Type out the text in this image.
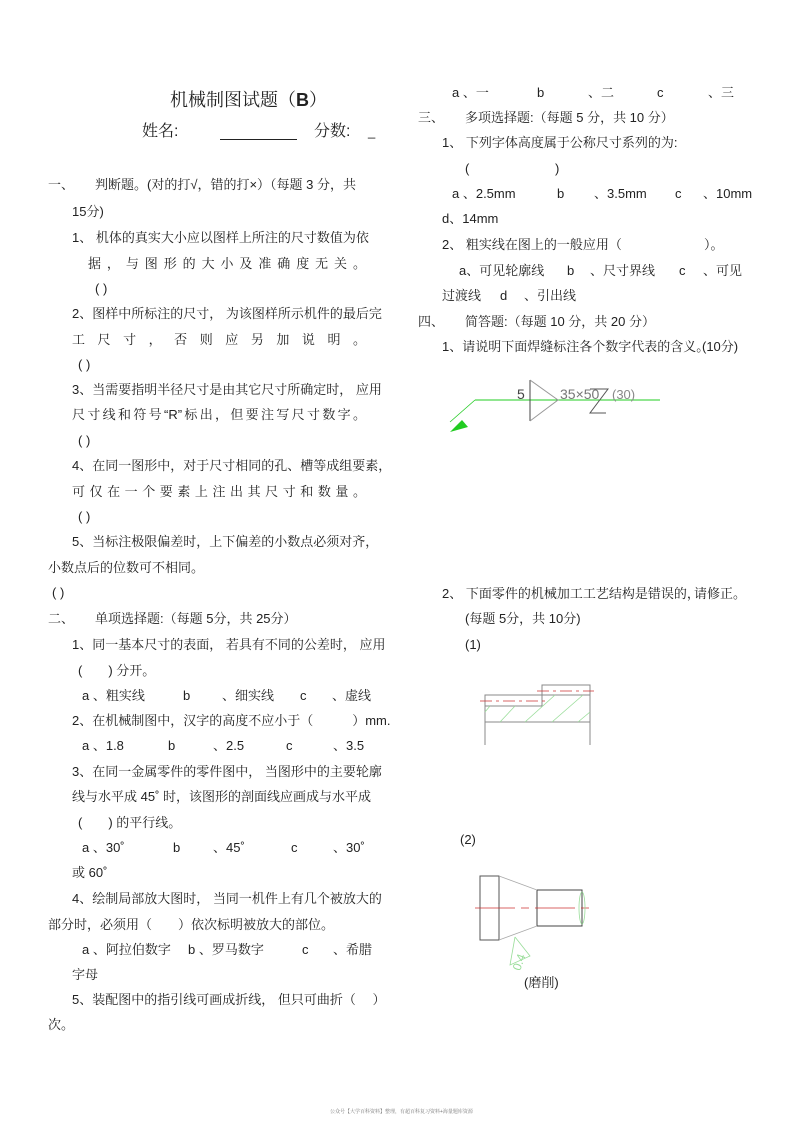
机械制图试题（B）
姓名:	分数: _
一、 判断题。(对的打√，错的打×）（每题 3 分，共
15分)
1、 机体的真实大小应以图样上所注的尺寸数值为依
据 ， 与 图 形 的 大 小 及 准 确 度 无 关 。
( )
2、图样中所标注的尺寸， 为该图样所示机件的最后完
工 尺 寸 ， 否 则 应 另 加 说 明 。
( )
3、当需要指明半径尺寸是由其它尺寸所确定时， 应用
尺寸线和符号“R”标出，但要注写尺寸数字。
( )
4、在同一图形中，对于尺寸相同的孔、槽等成组要素，
可 仅 在 一 个 要 素 上 注 出 其 尺 寸 和 数 量 。
( )
5、当标注极限偏差时，上下偏差的小数点必须对齐，
小数点后的位数可不相同。
( )
二、 单项选择题:（每题 5分，共 25分）
1、同一基本尺寸的表面， 若具有不同的公差时， 应用
(　　) 分开。
a 、粗实线	b 、细实线 c 、虚线
2、在机械制图中，汉字的高度不应小于（　　　）mm.
a 、1.8	b	、2.5	c	、3.5
3、在同一金属零件的零件图中， 当图形中的主要轮廓
线与水平成 45˚ 时，该图形的剖面线应画成与水平成
(　　) 的平行线。
a 、30˚	b	、45˚	c	、30˚
或 60˚
4、绘制局部放大图时， 当同一机件上有几个被放大的
部分时，必须用（　　）依次标明被放大的部位。
a 、阿拉伯数字 b 、罗马数字	c 、希腊
字母
5、装配图中的指引线可画成折线， 但只可曲折（　 ）
次。
a 、一	b	、二	c	、三
三、 多项选择题:（每题 5 分，共 10 分）
1、 下列字体高度属于公称尺寸系列的为:
(	)
a 、2.5mm	b 、3.5mm c 、10mm
d、14mm
2、 粗实线在图上的一般应用（	）。
a、可见轮廓线 b 、尺寸界线 c 、可见
过渡线 d 、引出线
四、 简答题:（每题 10 分，共 20 分）
1、请说明下面焊缝标注各个数字代表的含义。
(10分)
5	35×50 (30)
2、 下面零件的机械加工工艺结构是错误的，
请修正。
(每题 5分，共 10分)
(1)
(2)
0.4
(磨削)
公众号【大学百科资料】整理，有超百科复习资料+海量题库资源
